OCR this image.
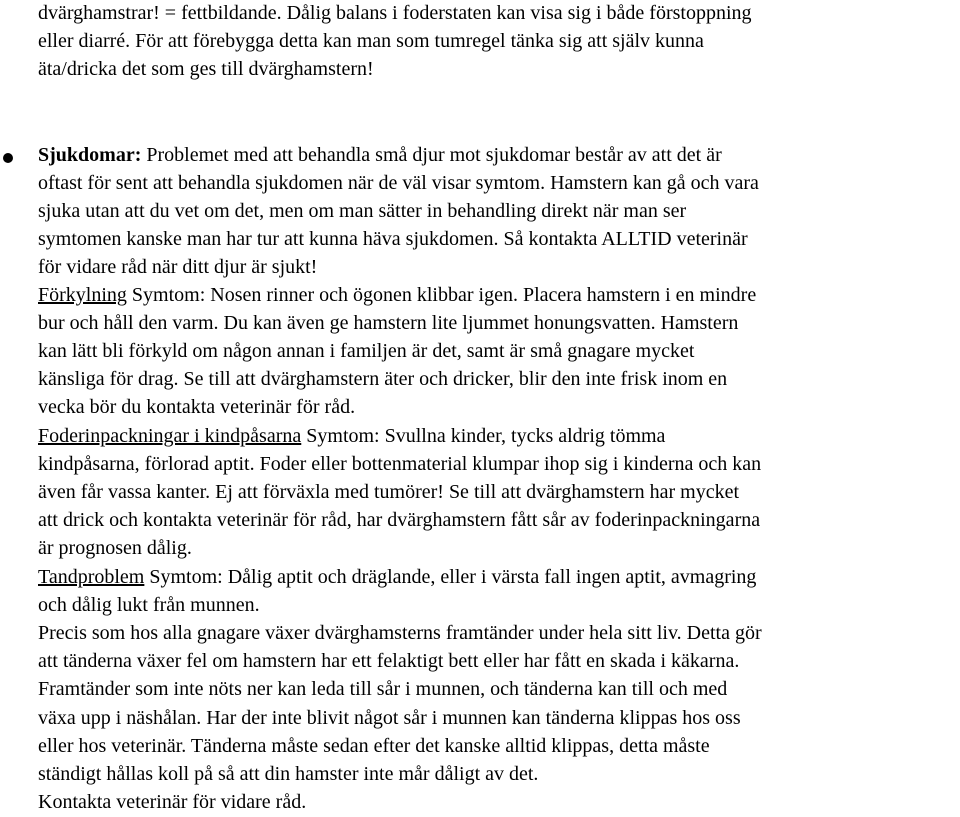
dvärghamstrar! = fettbildande. Dålig balans i foderstaten kan visa sig i både förstoppning
eller diarré. För att förebygga detta kan man som tumregel tänka sig att själv kunna
äta/dricka det som ges till dvärghamstern!
Sjukdomar: Problemet med att behandla små djur mot sjukdomar består av att det är
oftast för sent att behandla sjukdomen när de väl visar symtom. Hamstern kan gå och vara
sjuka utan att du vet om det, men om man sätter in behandling direkt när man ser
symtomen kanske man har tur att kunna häva sjukdomen. Så kontakta ALLTID veterinär
för vidare råd när ditt djur är sjukt!
Förkylning Symtom: Nosen rinner och ögonen klibbar igen. Placera hamstern i en mindre
bur och håll den varm. Du kan även ge hamstern lite ljummet honungsvatten. Hamstern
kan lätt bli förkyld om någon annan i familjen är det, samt är små gnagare mycket
känsliga för drag. Se till att dvärghamstern äter och dricker, blir den inte frisk inom en
vecka bör du kontakta veterinär för råd.
Foderinpackningar i kindpåsarna Symtom: Svullna kinder, tycks aldrig tömma
kindpåsarna, förlorad aptit. Foder eller bottenmaterial klumpar ihop sig i kinderna och kan
även får vassa kanter. Ej att förväxla med tumörer! Se till att dvärghamstern har mycket
att drick och kontakta veterinär för råd, har dvärghamstern fått sår av foderinpackningarna
är prognosen dålig.
Tandproblem Symtom: Dålig aptit och dräglande, eller i värsta fall ingen aptit, avmagring
och dålig lukt från munnen.
Precis som hos alla gnagare växer dvärghamsterns framtänder under hela sitt liv. Detta gör
att tänderna växer fel om hamstern har ett felaktigt bett eller har fått en skada i käkarna.
Framtänder som inte nöts ner kan leda till sår i munnen, och tänderna kan till och med
växa upp i näshålan. Har der inte blivit något sår i munnen kan tänderna klippas hos oss
eller hos veterinär. Tänderna måste sedan efter det kanske alltid klippas, detta måste
ständigt hållas koll på så att din hamster inte mår dåligt av det.
Kontakta veterinär för vidare råd.
